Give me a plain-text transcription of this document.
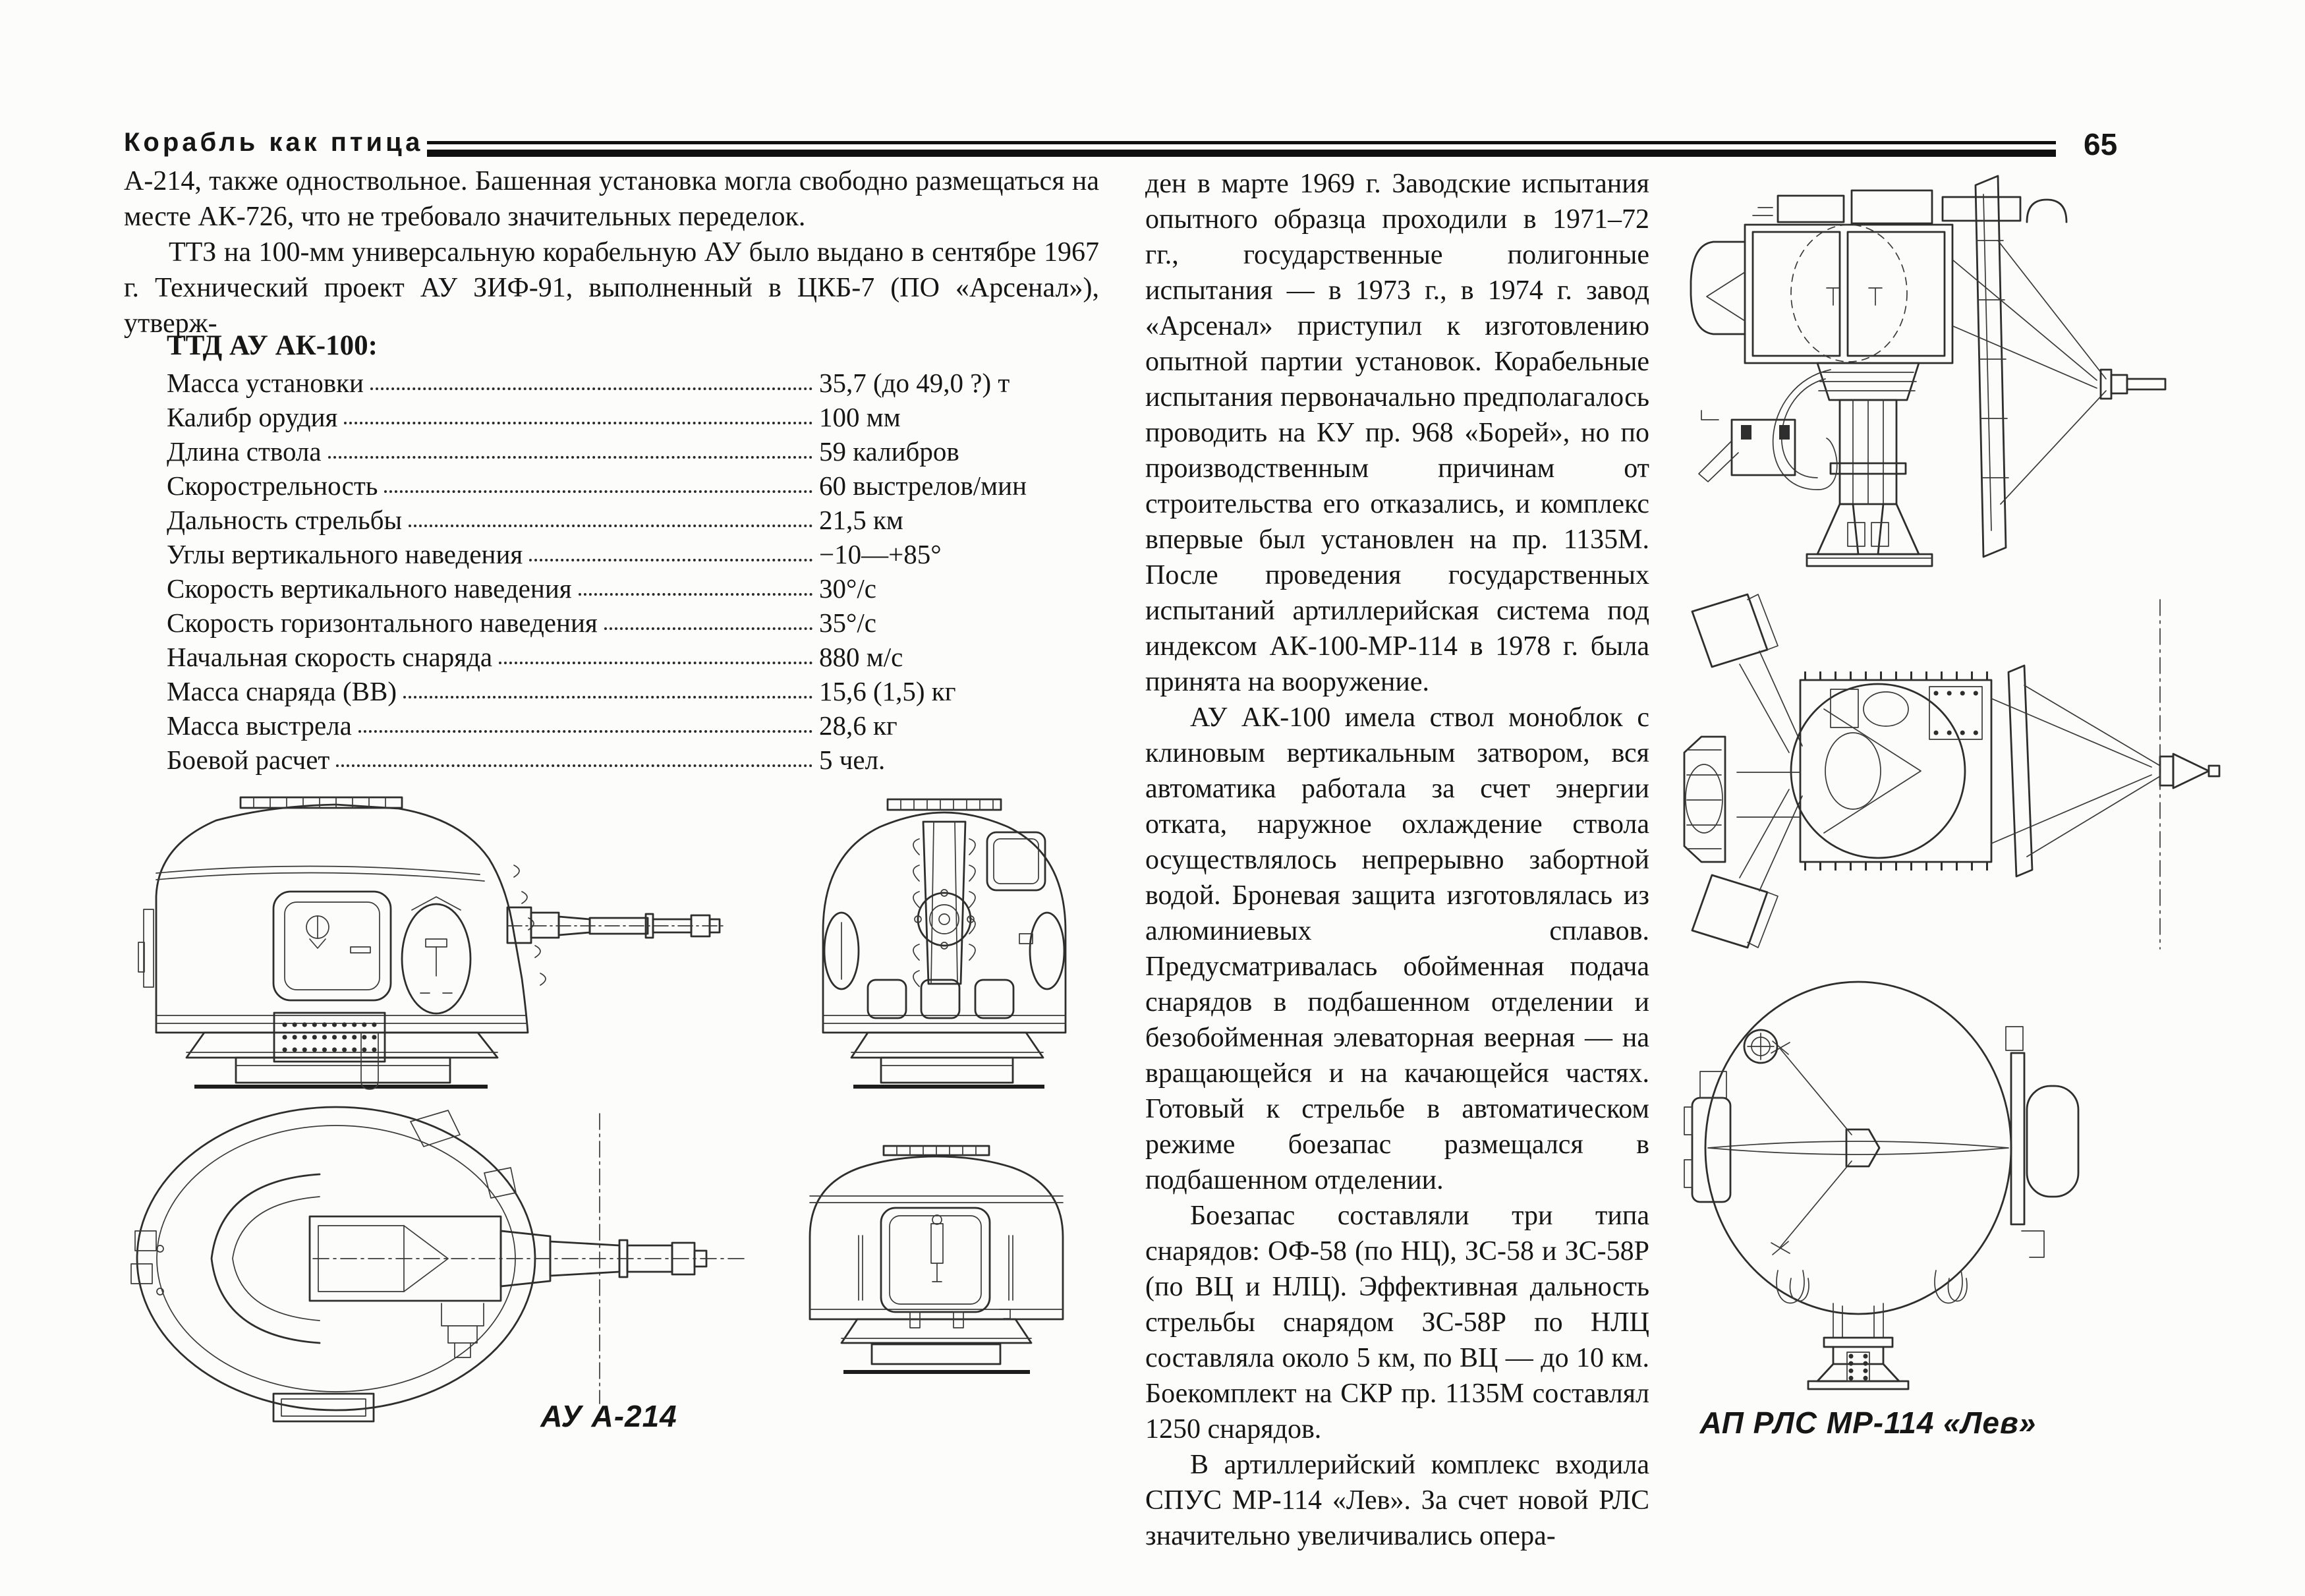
Корабль как птица	65

А-214, также одноствольное. Башенная установка могла свободно размещаться на месте АК-726, что не требовало значительных переделок.

ТТЗ на 100-мм универсальную корабельную АУ было выдано в сентябре 1967 г. Технический проект АУ ЗИФ-91, выполненный в ЦКБ-7 (ПО «Арсенал»), утверж-

ТТД АУ АК-100:
Масса установки	35,7 (до 49,0 ?) т
Калибр орудия	100 мм
Длина ствола	59 калибров
Скорострельность	60 выстрелов/мин
Дальность стрельбы	21,5 км
Углы вертикального наведения	−10—+85°
Скорость вертикального наведения	30°/с
Скорость горизонтального наведения	35°/с
Начальная скорость снаряда	880 м/с
Масса снаряда (ВВ)	15,6 (1,5) кг
Масса выстрела	28,6 кг
Боевой расчет	5 чел.

ден в марте 1969 г. Заводские испытания опытного образца проходили в 1971–72 гг., государственные полигонные испытания — в 1973 г., в 1974 г. завод «Арсенал» приступил к изготовлению опытной партии установок. Корабельные испытания первоначально предполагалось проводить на КУ пр. 968 «Борей», но по производственным причинам от строительства его отказались, и комплекс впервые был установлен на пр. 1135М. После проведения государственных испытаний артиллерийская система под индексом АК-100-МР-114 в 1978 г. была принята на вооружение.

АУ АК-100 имела ствол моноблок с клиновым вертикальным затвором, вся автоматика работала за счет энергии отката, наружное охлаждение ствола осуществлялось непрерывно забортной водой. Броневая защита изготовлялась из алюминиевых сплавов. Предусматривалась обойменная подача снарядов в подбашенном отделении и безобойменная элеваторная веерная — на вращающейся и на качающейся частях. Готовый к стрельбе в автоматическом режиме боезапас размещался в подбашенном отделении.

Боезапас составляли три типа снарядов: ОФ-58 (по НЦ), ЗС-58 и ЗС-58Р (по ВЦ и НЛЦ). Эффективная дальность стрельбы снарядом ЗС-58Р по НЛЦ составляла около 5 км, по ВЦ — до 10 км. Боекомплект на СКР пр. 1135М составлял 1250 снарядов.

В артиллерийский комплекс входила СПУС МР-114 «Лев». За счет новой РЛС значительно увеличивались опера-

АУ А-214	АП РЛС МР-114 «Лев»
